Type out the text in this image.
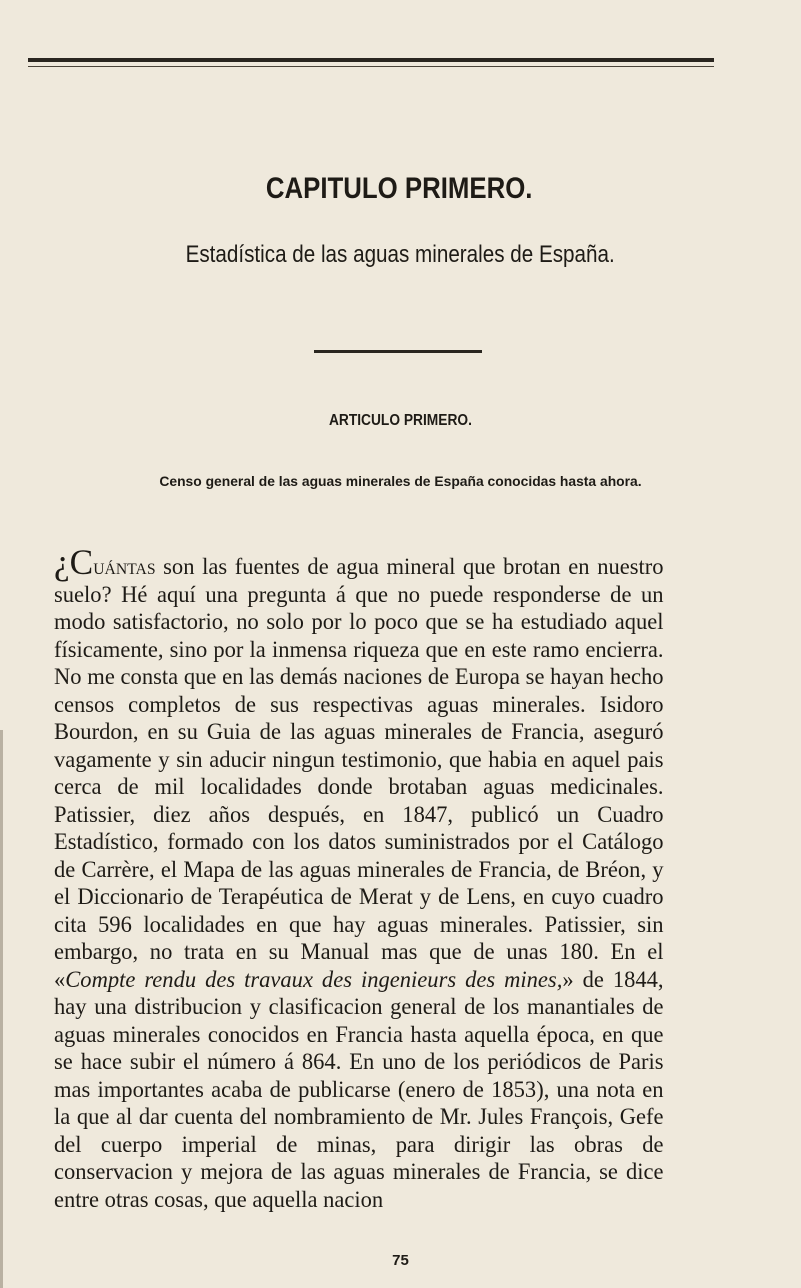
CAPITULO PRIMERO.
Estadística de las aguas minerales de España.
ARTICULO PRIMERO.
Censo general de las aguas minerales de España conocidas hasta ahora.

¿Cuántas son las fuentes de agua mineral que brotan en nuestro suelo? Hé aquí una pregunta á que no puede responderse de un modo satisfactorio, no solo por lo poco que se ha estudiado aquel físicamente, sino por la inmensa riqueza que en este ramo encierra. No me consta que en las demás naciones de Europa se hayan hecho censos completos de sus respectivas aguas minerales. Isidoro Bourdon, en su Guia de las aguas minerales de Francia, aseguró vagamente y sin aducir ningun testimonio, que habia en aquel pais cerca de mil localidades donde brotaban aguas medicinales. Patissier, diez años después, en 1847, publicó un Cuadro Estadístico, formado con los datos suministrados por el Catálogo de Carrère, el Mapa de las aguas minerales de Francia, de Bréon, y el Diccionario de Terapéutica de Merat y de Lens, en cuyo cuadro cita 596 localidades en que hay aguas minerales. Patissier, sin embargo, no trata en su Manual mas que de unas 180. En el «Compte rendu des travaux des ingenieurs des mines,» de 1844, hay una distribucion y clasificacion general de los manantiales de aguas minerales conocidos en Francia hasta aquella época, en que se hace subir el número á 864. En uno de los periódicos de Paris mas importantes acaba de publicarse (enero de 1853), una nota en la que al dar cuenta del nombramiento de Mr. Jules François, Gefe del cuerpo imperial de minas, para dirigir las obras de conservacion y mejora de las aguas minerales de Francia, se dice entre otras cosas, que aquella nacion

75
